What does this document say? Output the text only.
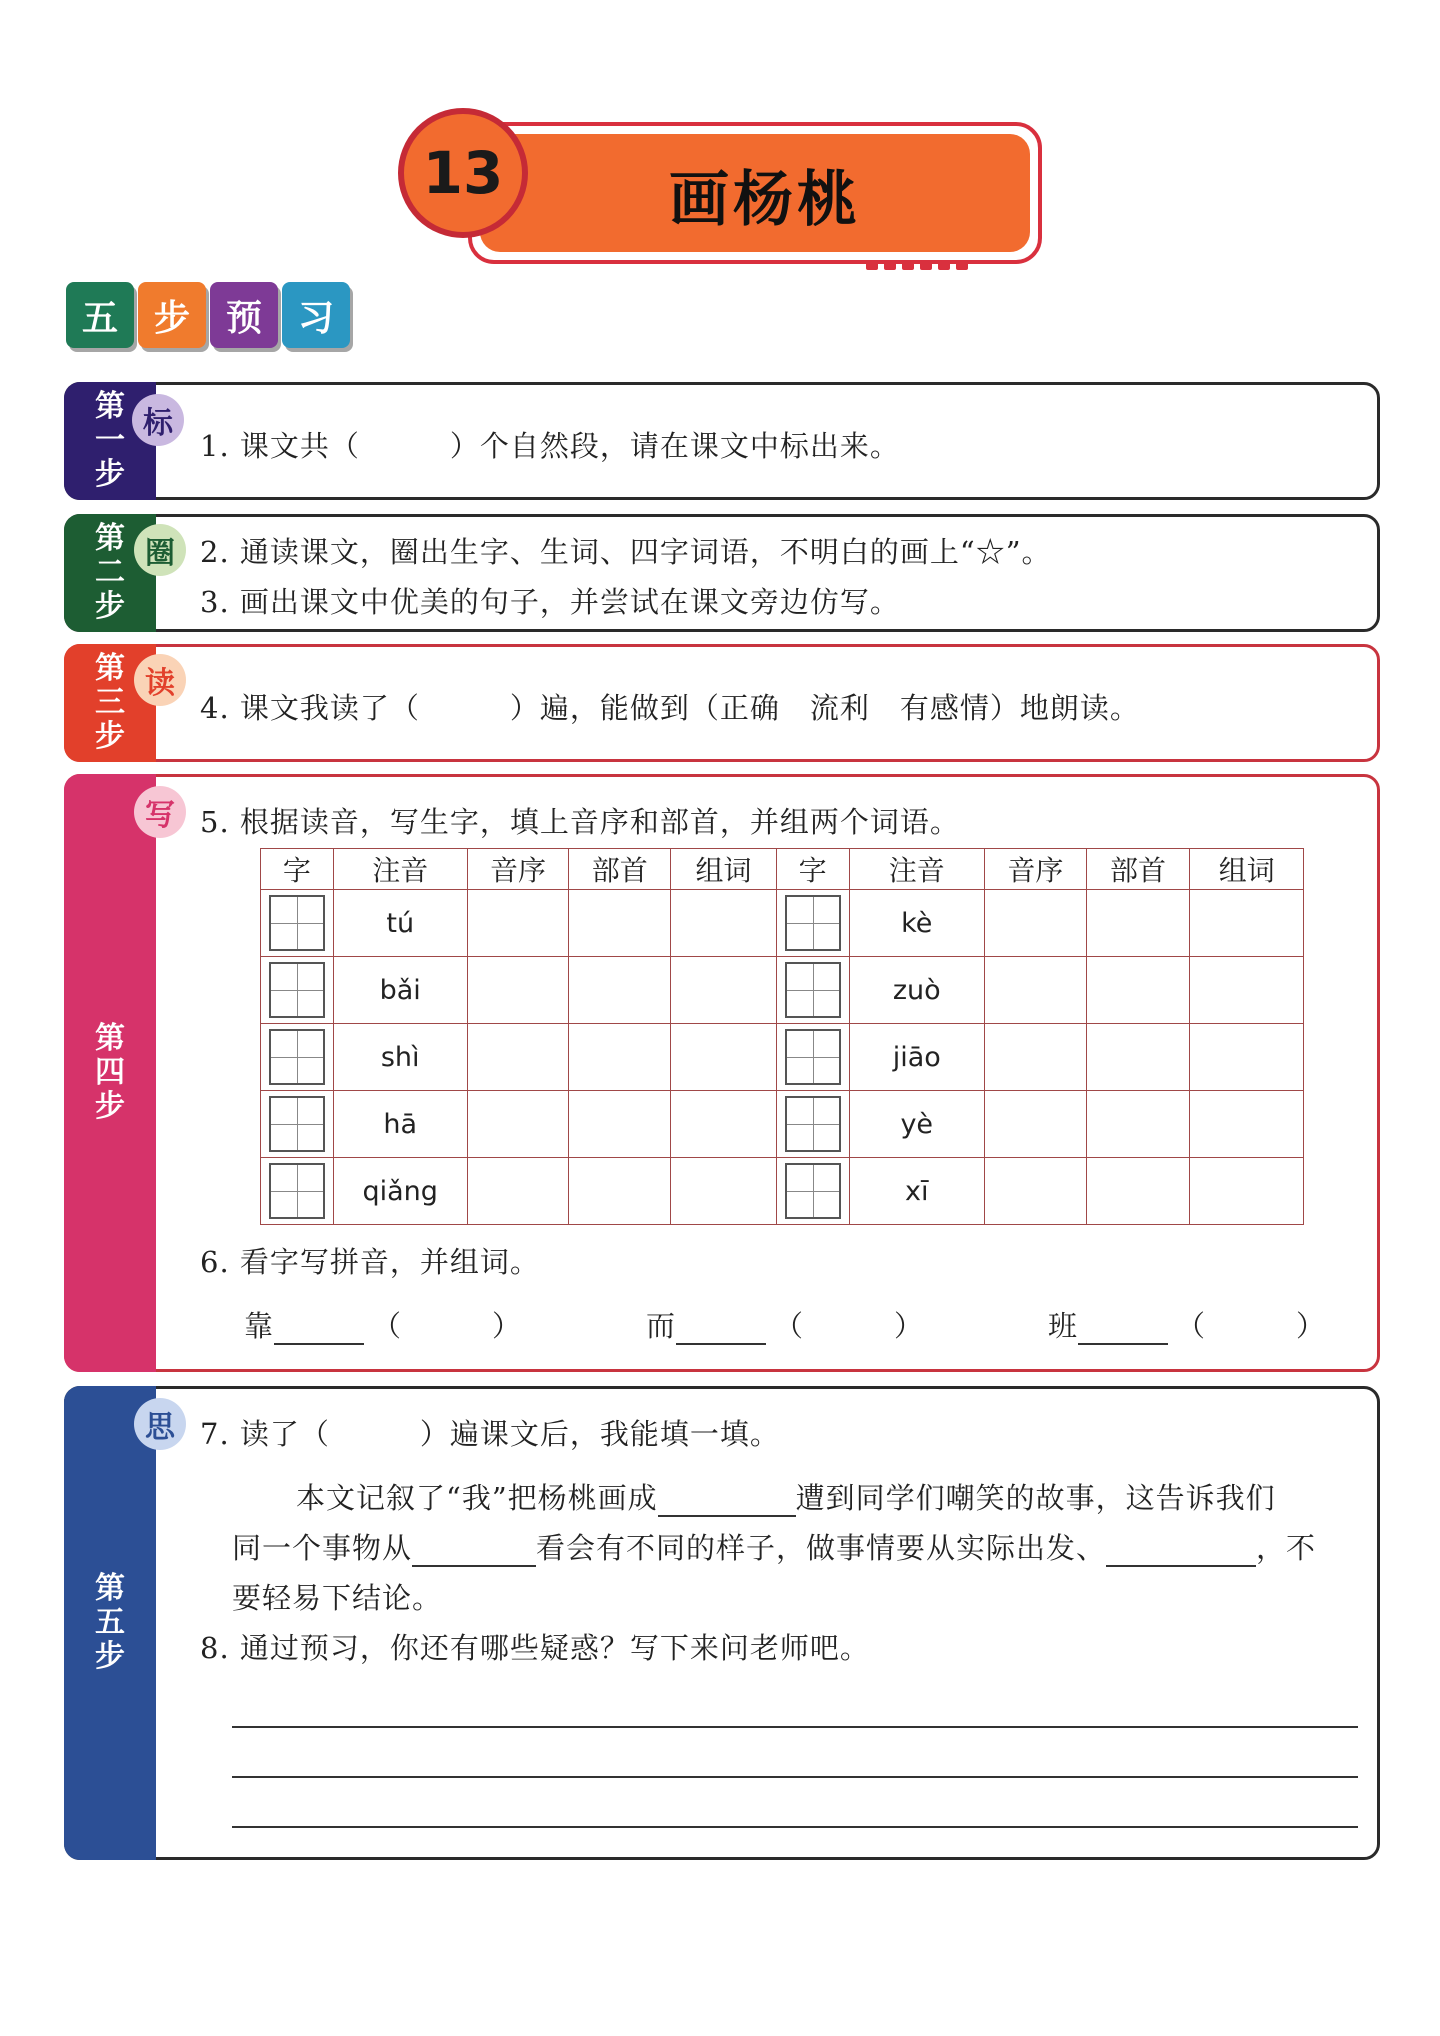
13	画杨桃
五 步 预 习
第
一
步
标
1. 课文共（　　　）个自然段，请在课文中标出来。
第
二
步
圈 2. 通读课文，圈出生字、生词、四字词语，不明白的画上“☆”。
3. 画出课文中优美的句子，并尝试在课文旁边仿写。
第
三
步
读
4. 课文我读了（　　　）遍，能做到（正确　流利　有感情）地朗读。
第
四
步
写 5. 根据读音，写生字，填上音序和部首，并组两个词语。
字	注音	音序	部首	组词	字	注音	音序	部首	组词
	tú					kè			
	bǎi					zuò			
	shì					jiāo			
	hā					yè			
	qiǎng					xī			
6. 看字写拼音，并组词。
靠	（	）	而	（	）	班	（	）
第
五
步
思 7. 读了（　　　）遍课文后，我能填一填。
本文记叙了“我”把杨桃画成	遭到同学们嘲笑的故事，这告诉我们
同一个事物从	看会有不同的样子，做事情要从实际出发、	，不
要轻易下结论。
8. 通过预习，你还有哪些疑惑？写下来问老师吧。
